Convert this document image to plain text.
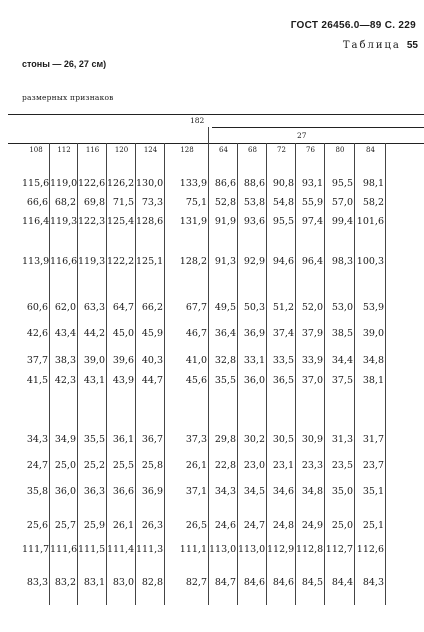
ГОСТ 26456.0—89 С. 229
Таблица 55
стоны — 26, 27 см)
размерных признаков
182
27
108	112	116	120	124	128	64	68	72	76	80	84
115,6 119,0 122,6 126,2 130,0	133,9 86,6 88,6 90,8 93,1 95,5	98,1
66,6 68,2 69,8 71,5 73,3	75,1 52,8 53,8 54,8 55,9 57,0	58,2
116,4 119,3 122,3 125,4 128,6	131,9 91,9 93,6 95,5 97,4 99,4 101,6
113,9 116,6 119,3 122,2 125,1	128,2 91,3 92,9 94,6 96,4 98,3 100,3
60,6 62,0 63,3 64,7 66,2	67,7 49,5 50,3 51,2 52,0 53,0	53,9
42,6 43,4 44,2 45,0 45,9	46,7 36,4 36,9 37,4 37,9 38,5	39,0
37,7 38,3 39,0 39,6 40,3	41,0 32,8 33,1 33,5 33,9 34,4	34,8
41,5 42,3 43,1 43,9 44,7	45,6 35,5 36,0 36,5 37,0 37,5	38,1
34,3 34,9 35,5 36,1 36,7	37,3 29,8 30,2 30,5 30,9 31,3	31,7
24,7 25,0 25,2 25,5 25,8	26,1 22,8 23,0 23,1 23,3 23,5	23,7
35,8 36,0 36,3 36,6 36,9	37,1 34,3 34,5 34,6 34,8 35,0	35,1
25,6 25,7 25,9 26,1 26,3	26,5 24,6 24,7 24,8 24,9 25,0	25,1
111,7 111,6 111,5 111,4 111,3	111,1 113,0 113,0 112,9 112,8 112,7 112,6
83,3 83,2 83,1 83,0 82,8	82,7 84,7 84,6 84,6 84,5 84,4	84,3
